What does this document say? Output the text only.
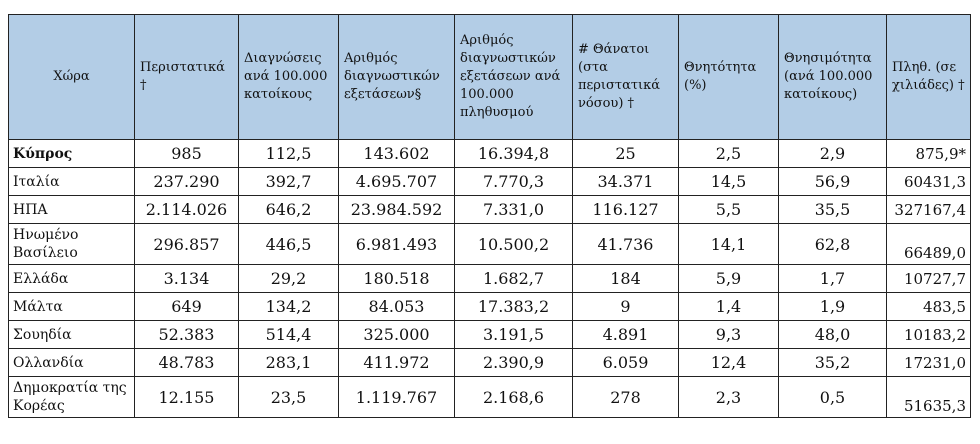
Χώρα	Περιστατικά †	Διαγνώσεις ανά 100.000 κατοίκους	Αριθμός διαγνωστικών εξετάσεων§	Αριθμός διαγνωστικών εξετάσεων ανά 100.000 πληθυσμού	# Θάνατοι (στα περιστατικά νόσου) †	Θνητότητα (%)	Θνησιμότητα (ανά 100.000 κατοίκους)	Πληθ. (σε χιλιάδες) †
Κύπρος	985	112,5	143.602	16.394,8	25	2,5	2,9	875,9*
Ιταλία	237.290	392,7	4.695.707	7.770,3	34.371	14,5	56,9	60431,3
ΗΠΑ	2.114.026	646,2	23.984.592	7.331,0	116.127	5,5	35,5	327167,4
Ηνωμένο Βασίλειο	296.857	446,5	6.981.493	10.500,2	41.736	14,1	62,8	66489,0
Ελλάδα	3.134	29,2	180.518	1.682,7	184	5,9	1,7	10727,7
Μάλτα	649	134,2	84.053	17.383,2	9	1,4	1,9	483,5
Σουηδία	52.383	514,4	325.000	3.191,5	4.891	9,3	48,0	10183,2
Ολλανδία	48.783	283,1	411.972	2.390,9	6.059	12,4	35,2	17231,0
Δημοκρατία της Κορέας	12.155	23,5	1.119.767	2.168,6	278	2,3	0,5	51635,3
